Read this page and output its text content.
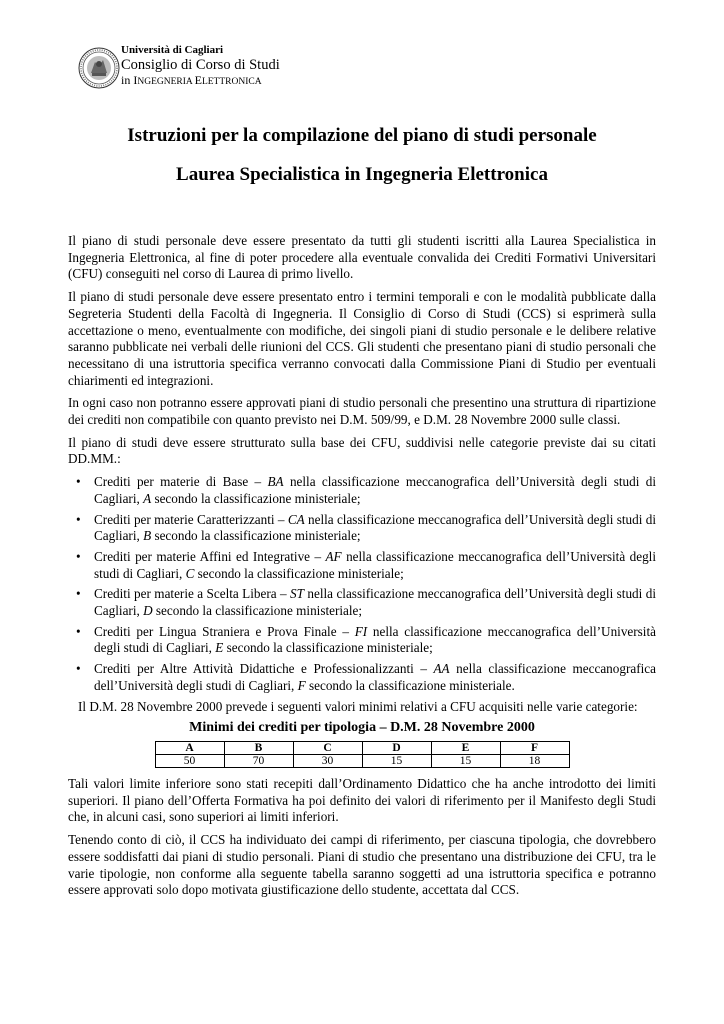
Università di Cagliari
Consiglio di Corso di Studi
in INGEGNERIA ELETTRONICA
Istruzioni per la compilazione del piano di studi personale
Laurea Specialistica in Ingegneria Elettronica

Il piano di studi personale deve essere presentato da tutti gli studenti iscritti alla Laurea Specialistica in Ingegneria Elettronica, al fine di poter procedere alla eventuale convalida dei Crediti Formativi Universitari (CFU) conseguiti nel corso di Laurea di primo livello.

Il piano di studi personale deve essere presentato entro i termini temporali e con le modalità pubblicate dalla Segreteria Studenti della Facoltà di Ingegneria. Il Consiglio di Corso di Studi (CCS) si esprimerà sulla accettazione o meno, eventualmente con modifiche, dei singoli piani di studio personale e le delibere relative saranno pubblicate nei verbali delle riunioni del CCS. Gli studenti che presentano piani di studio personali che necessitano di una istruttoria specifica verranno convocati dalla Commissione Piani di Studio per eventuali chiarimenti ed integrazioni.

In ogni caso non potranno essere approvati piani di studio personali che presentino una struttura di ripartizione dei crediti non compatibile con quanto previsto nei D.M. 509/99, e D.M. 28 Novembre 2000 sulle classi.

Il piano di studi deve essere strutturato sulla base dei CFU, suddivisi nelle categorie previste dai su citati DD.MM.:

• Crediti per materie di Base – BA nella classificazione meccanografica dell’Università degli studi di Cagliari, A secondo la classificazione ministeriale;
• Crediti per materie Caratterizzanti – CA nella classificazione meccanografica dell’Università degli studi di Cagliari, B secondo la classificazione ministeriale;
• Crediti per materie Affini ed Integrative – AF nella classificazione meccanografica dell’Università degli studi di Cagliari, C secondo la classificazione ministeriale;
• Crediti per materie a Scelta Libera – ST nella classificazione meccanografica dell’Università degli studi di Cagliari, D secondo la classificazione ministeriale;
• Crediti per Lingua Straniera e Prova Finale – FI nella classificazione meccanografica dell’Università degli studi di Cagliari, E secondo la classificazione ministeriale;
• Crediti per Altre Attività Didattiche e Professionalizzanti – AA nella classificazione meccanografica dell’Università degli studi di Cagliari, F secondo la classificazione ministeriale.

Il D.M. 28 Novembre 2000 prevede i seguenti valori minimi relativi a CFU acquisiti nelle varie categorie:

Minimi dei crediti per tipologia – D.M. 28 Novembre 2000
A	B	C	D	E	F
50	70	30	15	15	18

Tali valori limite inferiore sono stati recepiti dall’Ordinamento Didattico che ha anche introdotto dei limiti superiori. Il piano dell’Offerta Formativa ha poi definito dei valori di riferimento per il Manifesto degli Studi che, in alcuni casi, sono superiori ai limiti inferiori.

Tenendo conto di ciò, il CCS ha individuato dei campi di riferimento, per ciascuna tipologia, che dovrebbero essere soddisfatti dai piani di studio personali. Piani di studio che presentano una distribuzione dei CFU, tra le varie tipologie, non conforme alla seguente tabella saranno soggetti ad una istruttoria specifica e potranno essere approvati solo dopo motivata giustificazione dello studente, accettata dal CCS.
